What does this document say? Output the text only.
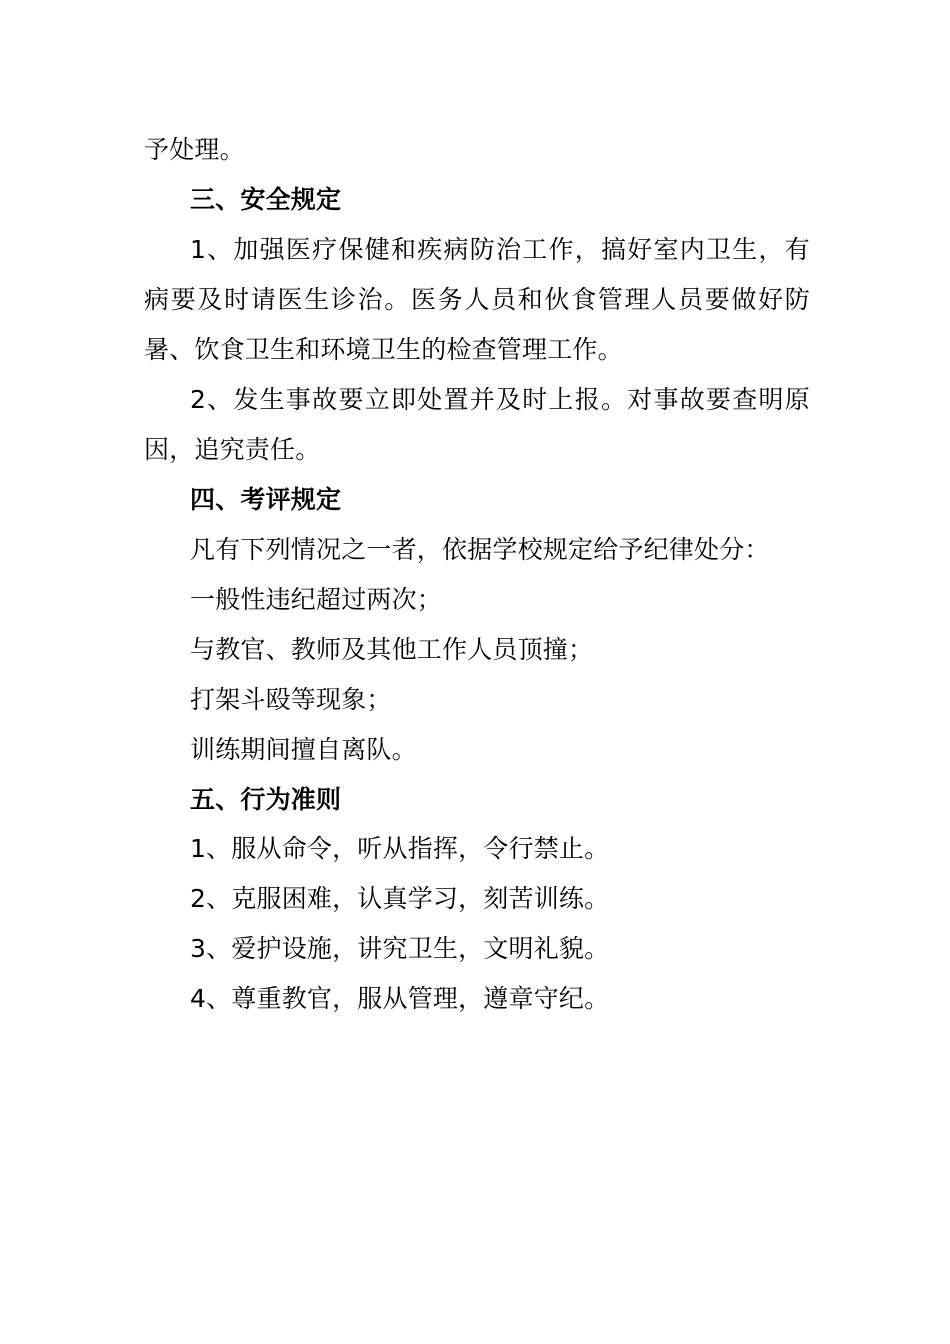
予处理。
三、安全规定
1、加强医疗保健和疾病防治工作，搞好室内卫生，有
病要及时请医生诊治。医务人员和伙食管理人员要做好防
暑、饮食卫生和环境卫生的检查管理工作。
2、发生事故要立即处置并及时上报。对事故要查明原
因，追究责任。
四、考评规定
凡有下列情况之一者，依据学校规定给予纪律处分：
一般性违纪超过两次；
与教官、教师及其他工作人员顶撞；
打架斗殴等现象；
训练期间擅自离队。
五、行为准则
1、服从命令，听从指挥，令行禁止。
2、克服困难，认真学习，刻苦训练。
3、爱护设施，讲究卫生，文明礼貌。
4、尊重教官，服从管理，遵章守纪。
